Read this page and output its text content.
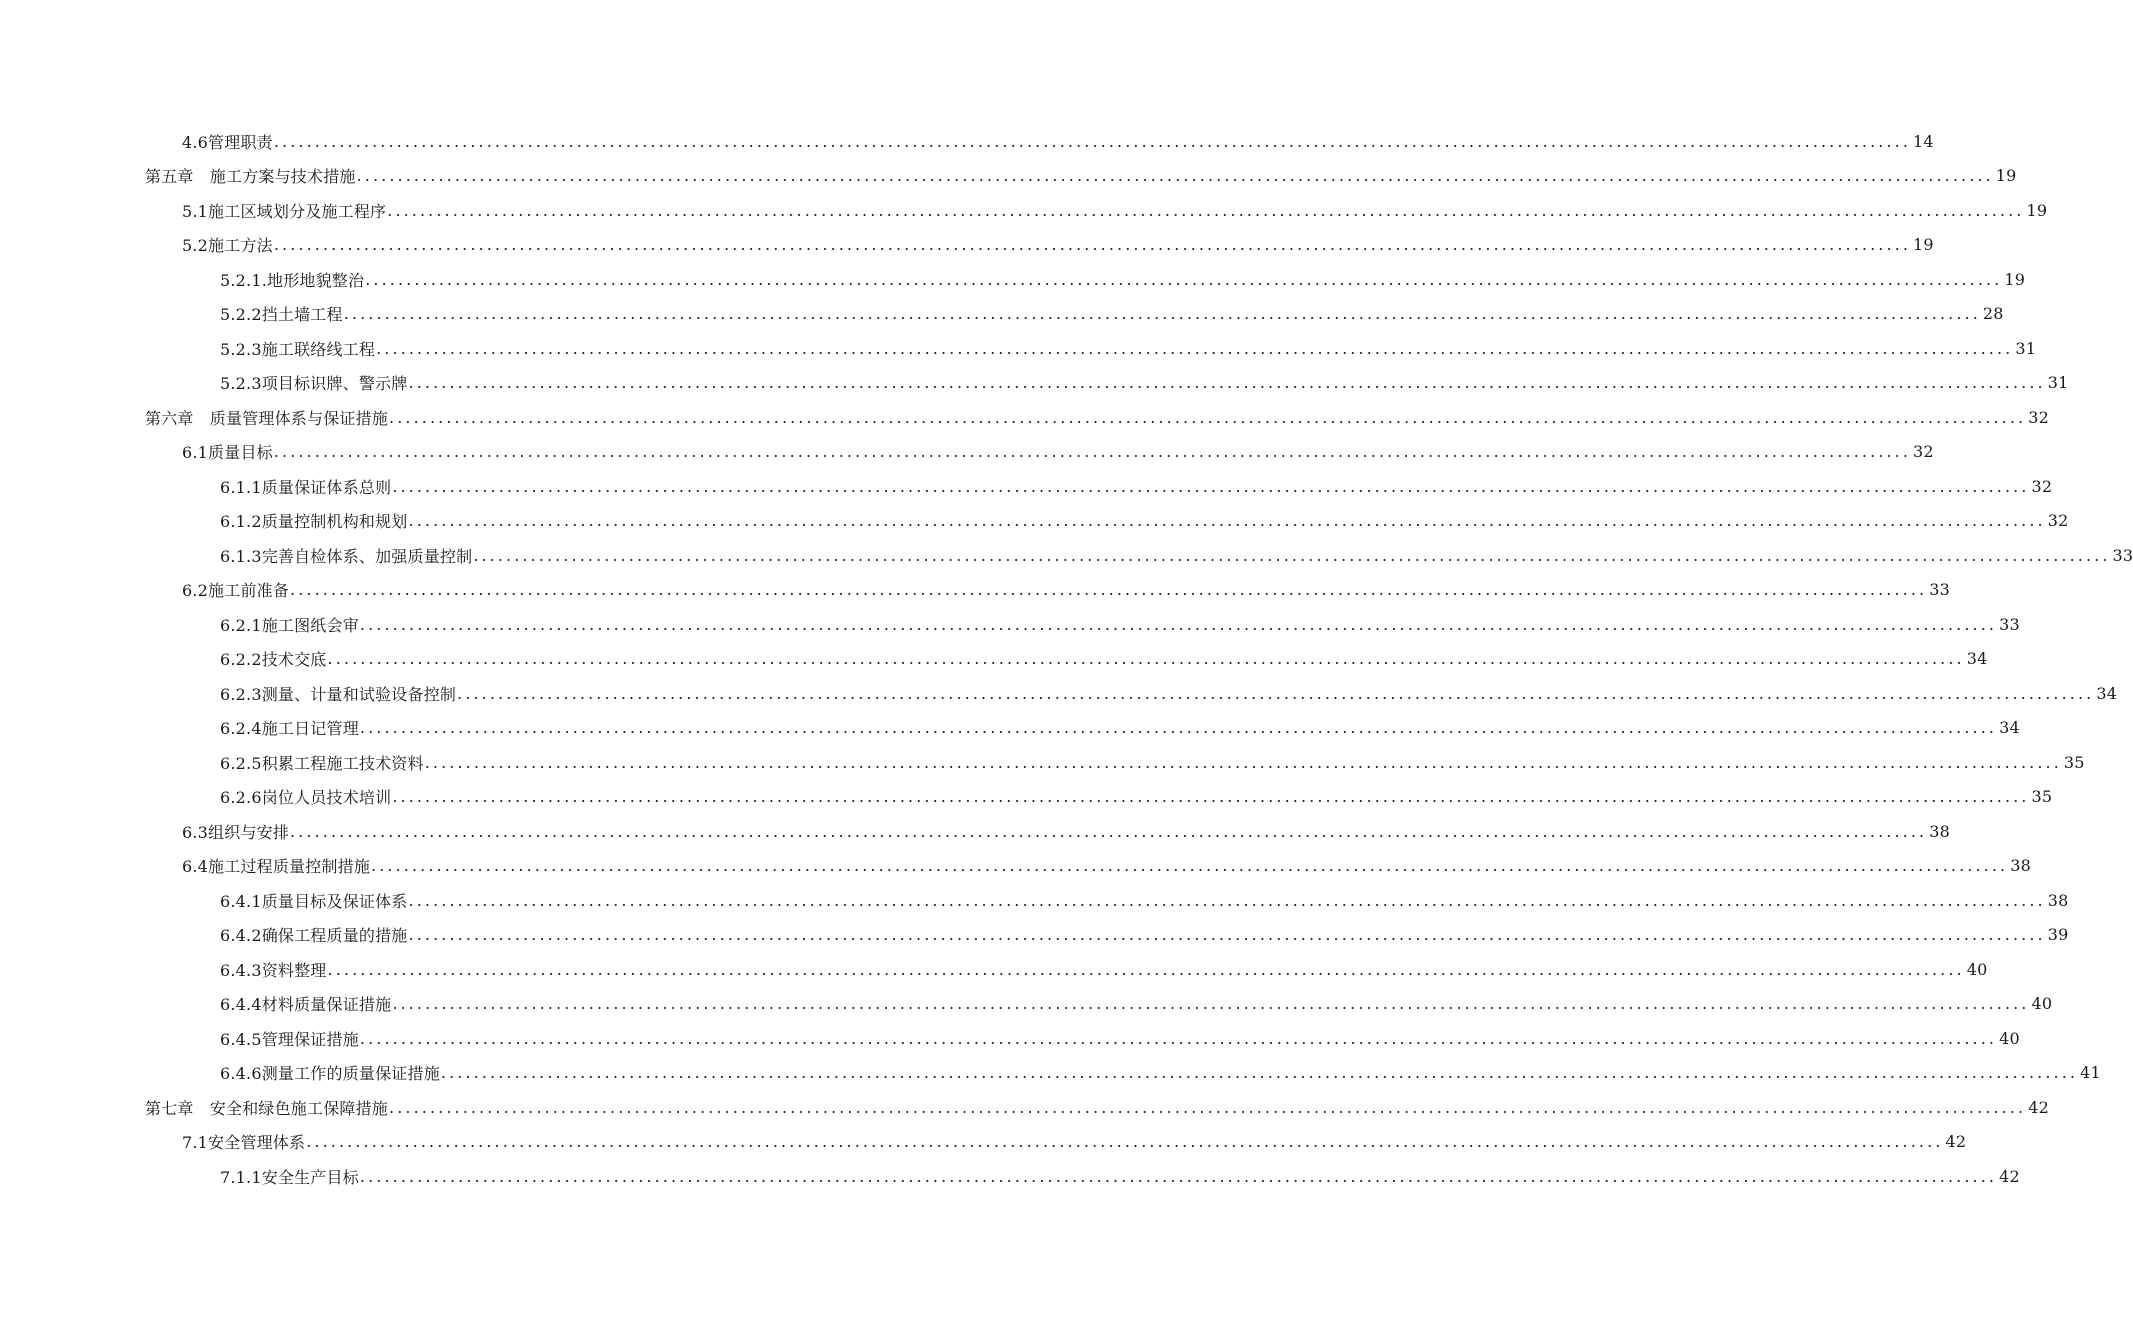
4.6管理职责 ........................................................................................................................................................................................................ 14
第五章　施工方案与技术措施 ........................................................................................................................................................................................................ 19
5.1施工区域划分及施工程序 ........................................................................................................................................................................................................ 19
5.2施工方法 ........................................................................................................................................................................................................ 19
5.2.1.地形地貌整治 ........................................................................................................................................................................................................ 19
5.2.2挡土墙工程 ........................................................................................................................................................................................................ 28
5.2.3施工联络线工程 ........................................................................................................................................................................................................ 31
5.2.3项目标识牌、警示牌 ........................................................................................................................................................................................................ 31
第六章　质量管理体系与保证措施 ........................................................................................................................................................................................................ 32
6.1质量目标 ........................................................................................................................................................................................................ 32
6.1.1质量保证体系总则 ........................................................................................................................................................................................................ 32
6.1.2质量控制机构和规划 ........................................................................................................................................................................................................ 32
6.1.3完善自检体系、加强质量控制 ........................................................................................................................................................................................................ 33
6.2施工前准备 ........................................................................................................................................................................................................ 33
6.2.1施工图纸会审 ........................................................................................................................................................................................................ 33
6.2.2技术交底 ........................................................................................................................................................................................................ 34
6.2.3测量、计量和试验设备控制 ........................................................................................................................................................................................................ 34
6.2.4施工日记管理 ........................................................................................................................................................................................................ 34
6.2.5积累工程施工技术资料 ........................................................................................................................................................................................................ 35
6.2.6岗位人员技术培训 ........................................................................................................................................................................................................ 35
6.3组织与安排 ........................................................................................................................................................................................................ 38
6.4施工过程质量控制措施 ........................................................................................................................................................................................................ 38
6.4.1质量目标及保证体系 ........................................................................................................................................................................................................ 38
6.4.2确保工程质量的措施 ........................................................................................................................................................................................................ 39
6.4.3资料整理 ........................................................................................................................................................................................................ 40
6.4.4材料质量保证措施 ........................................................................................................................................................................................................ 40
6.4.5管理保证措施 ........................................................................................................................................................................................................ 40
6.4.6测量工作的质量保证措施 ........................................................................................................................................................................................................ 41
第七章　安全和绿色施工保障措施 ........................................................................................................................................................................................................ 42
7.1安全管理体系 ........................................................................................................................................................................................................ 42
7.1.1安全生产目标 ........................................................................................................................................................................................................ 42
